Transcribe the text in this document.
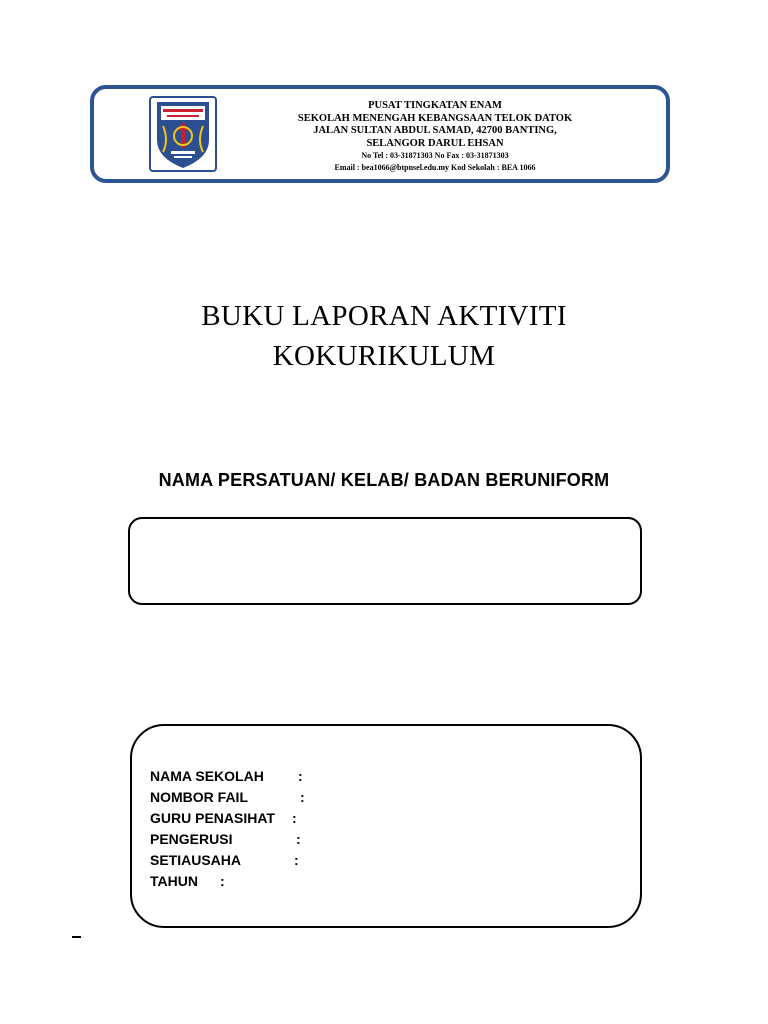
PUSAT TINGKATAN ENAM
SEKOLAH MENENGAH KEBANGSAAN TELOK DATOK
JALAN SULTAN ABDUL SAMAD, 42700 BANTING,
SELANGOR DARUL EHSAN
No Tel : 03-31871303 No Fax : 03-31871303
Email : bea1066@btpnsel.edu.my Kod Sekolah : BEA 1066
BUKU LAPORAN AKTIVITI
KOKURIKULUM
NAMA PERSATUAN/ KELAB/ BADAN BERUNIFORM
NAMA SEKOLAH :
NOMBOR FAIL	:
GURU PENASIHAT :
PENGERUSI	:
SETIAUSAHA	:
TAHUN :
